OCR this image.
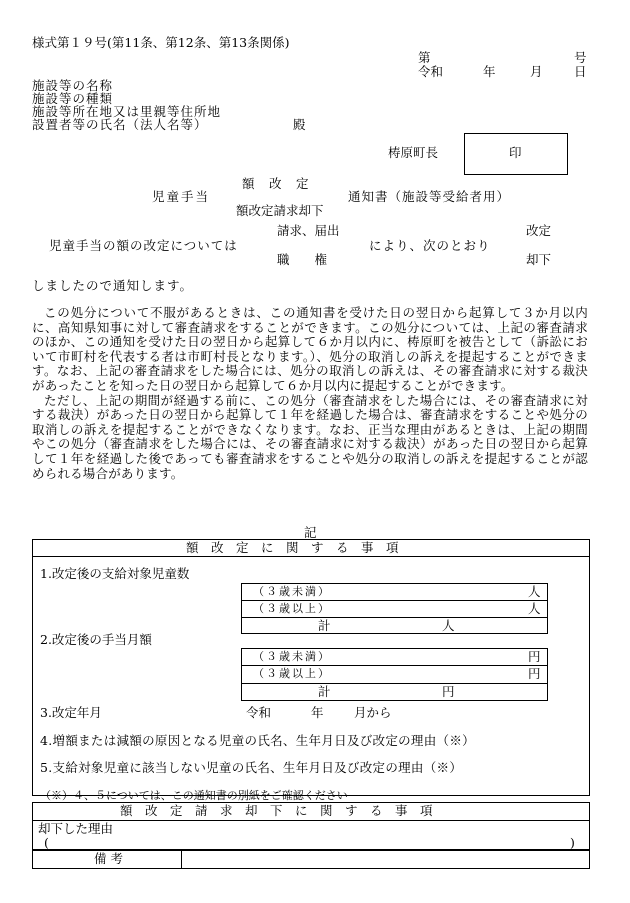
様式第１９号(第11条、第12条、第13条関係)
第	号
令和	年	月	日
施設等の名称
施設等の種類
施設等所在地又は里親等住所地
設置者等の氏名（法人名等）	殿
梼原町長	印
額　改　定
児童手当	通知書（施設等受給者用）
額改定請求却下
請求、届出	改定
児童手当の額の改定については	により、次のとおり
職　　権	却下
しましたので通知します。

この処分について不服があるときは、この通知書を受けた日の翌日から起算して３か月以内に、高知県知事に対して審査請求をすることができます。この処分については、上記の審査請求のほか、この通知を受けた日の翌日から起算して６か月以内に、梼原町を被告として（訴訟において市町村を代表する者は市町村長となります。）、処分の取消しの訴えを提起することができます。なお、上記の審査請求をした場合には、処分の取消しの訴えは、その審査請求に対する裁決があったことを知った日の翌日から起算して６か月以内に提起することができます。

ただし、上記の期間が経過する前に、この処分（審査請求をした場合には、その審査請求に対する裁決）があった日の翌日から起算して１年を経過した場合は、審査請求をすることや処分の取消しの訴えを提起することができなくなります。なお、正当な理由があるときは、上記の期間やこの処分（審査請求をした場合には、その審査請求に対する裁決）があった日の翌日から起算して１年を経過した後であっても審査請求をすることや処分の取消しの訴えを提起することが認められる場合があります。

記
額　改　定　に　関　す　る　事　項
1.改定後の支給対象児童数
（３歳未満）	人
（３歳以上）	人
計	人
2.改定後の手当月額
（３歳未満）	円
（３歳以上）	円
計	円
3.改定年月	令和	年 月から
4.増額または減額の原因となる児童の氏名、生年月日及び改定の理由（※）
5.支給対象児童に該当しない児童の氏名、生年月日及び改定の理由（※）
（※）４、５については、この通知書の別紙をご確認ください
額　改　定　請　求　却　下　に　関　す　る　事　項
却下した理由
(	)
備考
